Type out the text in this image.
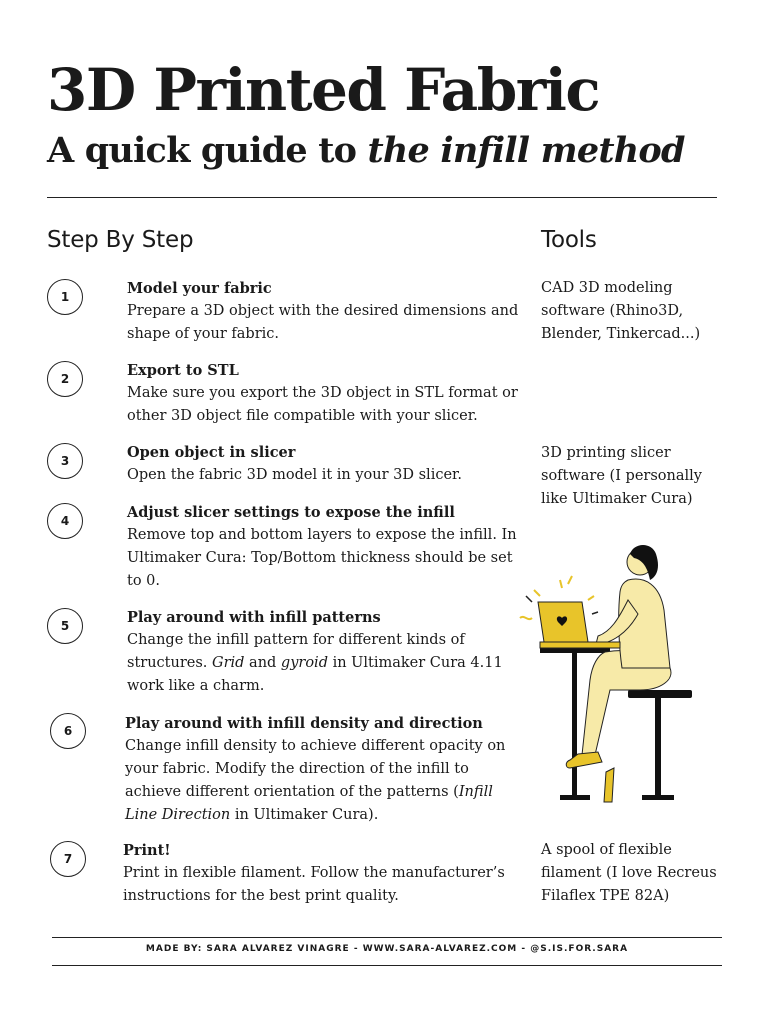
3D Printed Fabric
A quick guide to the infill method
Step By Step	Tools
1	Model your fabric
Prepare a 3D object with the desired dimensions and
shape of your fabric.
2	Export to STL
Make sure you export the 3D object in STL format or
other 3D object file compatible with your slicer.
3	Open object in slicer
Open the fabric 3D model it in your 3D slicer.
4	Adjust slicer settings to expose the infill
Remove top and bottom layers to expose the infill. In
Ultimaker Cura: Top/Bottom thickness should be set
to 0.
5	Play around with infill patterns
Change the infill pattern for different kinds of
structures. Grid and gyroid in Ultimaker Cura 4.11
work like a charm.
6	Play around with infill density and direction
Change infill density to achieve different opacity on
your fabric. Modify the direction of the infill to
achieve different orientation of the patterns (Infill
Line Direction in Ultimaker Cura).
7	Print!
Print in flexible filament. Follow the manufacturer’s
instructions for the best print quality.
CAD 3D modeling
software (Rhino3D,
Blender, Tinkercad...)
3D printing slicer
software (I personally
like Ultimaker Cura)
A spool of flexible
filament (I love Recreus
Filaflex TPE 82A)
MADE BY: SARA ALVAREZ VINAGRE - WWW.SARA-ALVAREZ.COM - @S.IS.FOR.SARA
